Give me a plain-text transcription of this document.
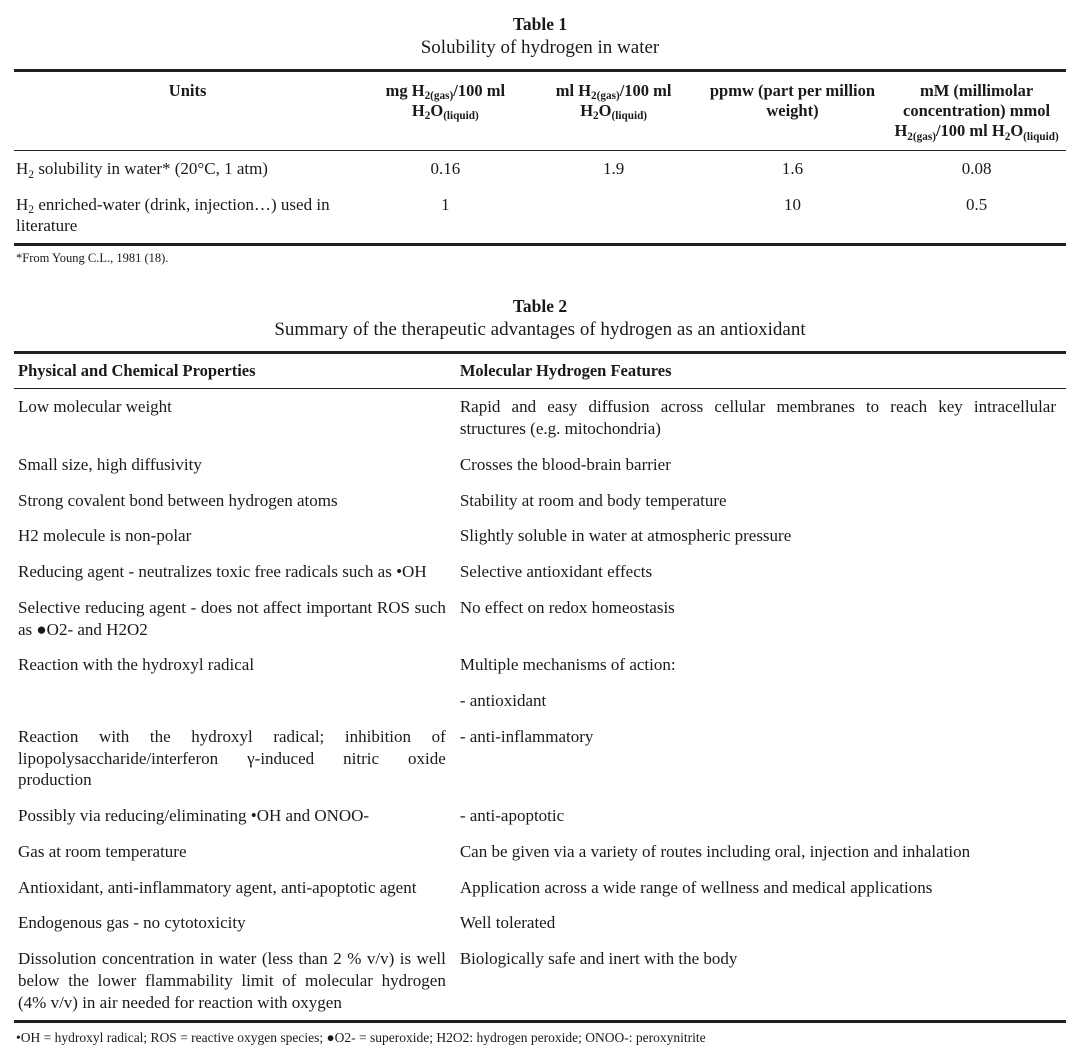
Table 1
Solubility of hydrogen in water
Units	mg $H_{2(gas)}/100$ ml $H_2O_{(liquid)}$	ml $H_{2(gas)}/100$ ml $H_2O_{(liquid)}$	ppmw (part per million weight)	mM (millimolar concentration) mmol $H_{2(gas)}/100$ ml $H_2O_{(liquid)}$
$H_2$ solubility in water* (20°C, 1 atm)	0.16	1.9	1.6	0.08
$H_2$ enriched-water (drink, injection…) used in literature	1		10	0.5
*From Young C.L., 1981 (18).
Table 2
Summary of the therapeutic advantages of hydrogen as an antioxidant
Physical and Chemical Properties	Molecular Hydrogen Features

Low molecular weight	Rapid and easy diffusion across cellular membranes to reach key intracellular structures (e.g. mitochondria)
Small size, high diffusivity	Crosses the blood-brain barrier
Strong covalent bond between hydrogen atoms	Stability at room and body temperature
H2 molecule is non-polar	Slightly soluble in water at atmospheric pressure
Reducing agent - neutralizes toxic free radicals such as •OH	Selective antioxidant effects
Selective reducing agent - does not affect important ROS such as ●O2- and H2O2	No effect on redox homeostasis
Reaction with the hydroxyl radical	Multiple mechanisms of action:
	- antioxidant
Reaction with the hydroxyl radical; inhibition of lipopolysaccharide/interferon γ-induced nitric oxide production	- anti-inflammatory
Possibly via reducing/eliminating •OH and ONOO-	- anti-apoptotic
Gas at room temperature	Can be given via a variety of routes including oral, injection and inhalation
Antioxidant, anti-inflammatory agent, anti-apoptotic agent	Application across a wide range of wellness and medical applications
Endogenous gas - no cytotoxicity	Well tolerated
Dissolution concentration in water (less than 2 % v/v) is well below the lower flammability limit of molecular hydrogen (4% v/v) in air needed for reaction with oxygen	Biologically safe and inert with the body
•OH = hydroxyl radical; ROS = reactive oxygen species; ●O2- = superoxide; H2O2: hydrogen peroxide; ONOO-: peroxynitrite
